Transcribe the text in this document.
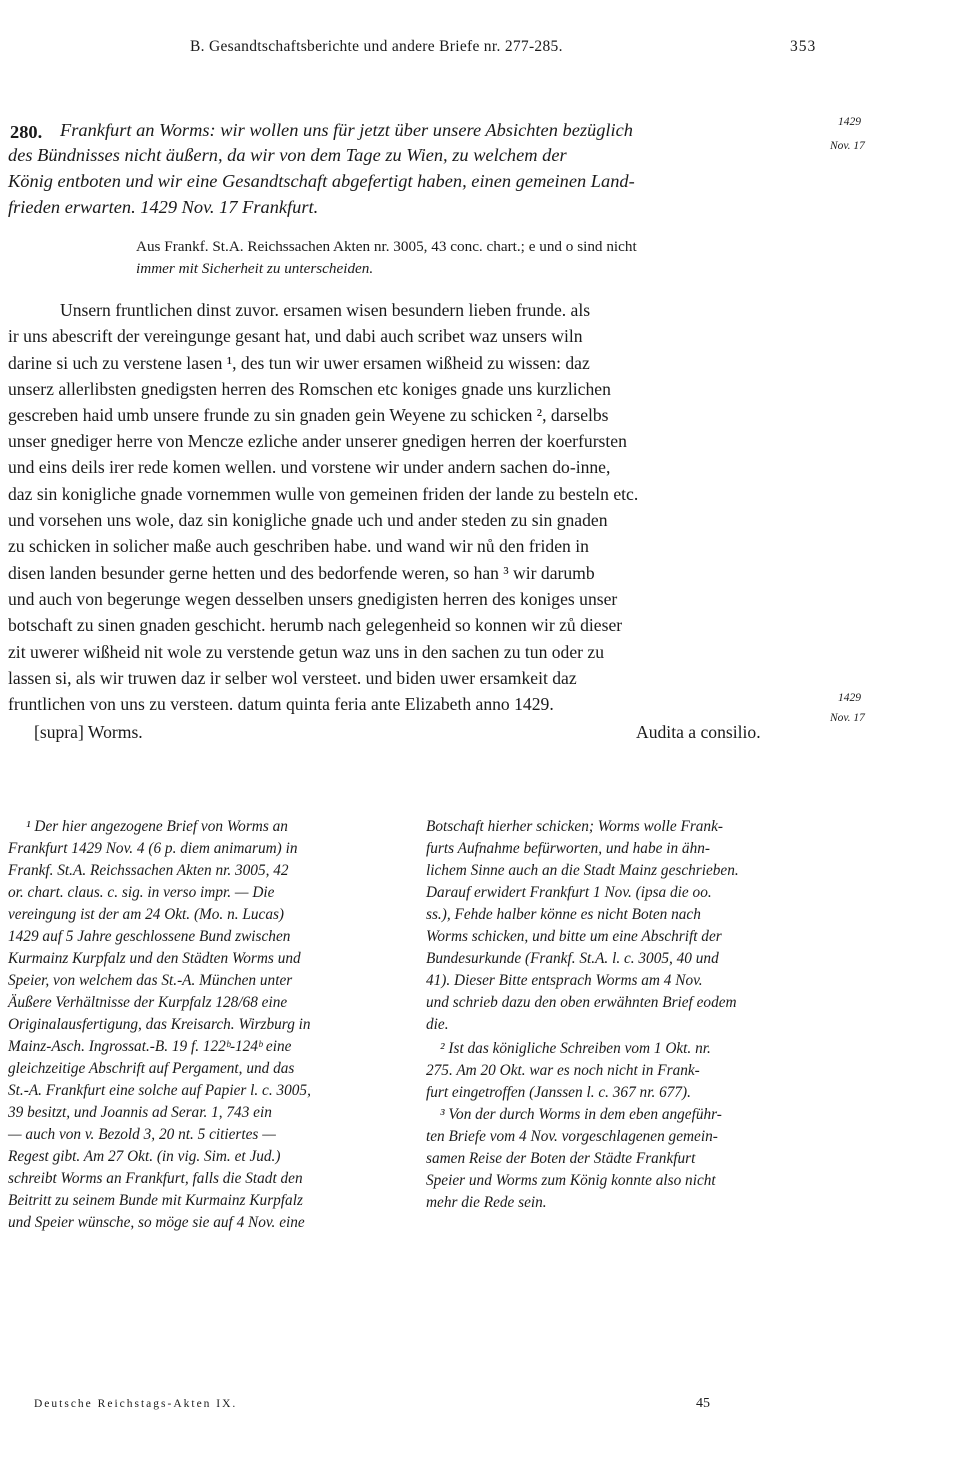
B. Gesandtschaftsberichte und andere Briefe nr. 277-285.	353
280. Frankfurt an Worms: wir wollen uns für jetzt über unsere Absichten bezüglich
des Bündnisses nicht äußern, da wir von dem Tage zu Wien, zu welchem der
König entboten und wir eine Gesandtschaft abgefertigt haben, einen gemeinen Land-
frieden erwarten. 1429 Nov. 17 Frankfurt.
1429
Nov. 17
Aus Frankf. St.A. Reichssachen Akten nr. 3005, 43 conc. chart.; e und o sind nicht
immer mit Sicherheit zu unterscheiden.
Unsern fruntlichen dinst zuvor. ersamen wisen besundern lieben frunde. als
ir uns abescrift der vereingunge gesant hat, und dabi auch scribet waz unsers wiln
darine si uch zu verstene lasen ¹, des tun wir uwer ersamen wißheid zu wissen: daz
unserz allerlibsten gnedigsten herren des Romschen etc koniges gnade uns kurzlichen
gescreben haid umb unsere frunde zu sin gnaden gein Weyene zu schicken ², darselbs
unser gnediger herre von Mencze ezliche ander unserer gnedigen herren der koerfursten
und eins deils irer rede komen wellen. und vorstene wir under andern sachen do-inne,
daz sin konigliche gnade vornemmen wulle von gemeinen friden der lande zu besteln etc.
und vorsehen uns wole, daz sin konigliche gnade uch und ander steden zu sin gnaden
zu schicken in solicher maße auch geschriben habe. und wand wir nů den friden in
disen landen besunder gerne hetten und des bedorfende weren, so han ³ wir darumb
und auch von begerunge wegen desselben unsers gnedigisten herren des koniges unser
botschaft zu sinen gnaden geschicht. herumb nach gelegenheid so konnen wir zů dieser
zit uwerer wißheid nit wole zu verstende getun waz uns in den sachen zu tun oder zu
lassen si, als wir truwen daz ir selber wol versteet. und biden uwer ersamkeit daz
fruntlichen von uns zu versteen. datum quinta feria ante Elizabeth anno 1429.	1429
Nov. 17
[supra] Worms.	Audita a consilio.
¹ Der hier angezogene Brief von Worms an
Frankfurt 1429 Nov. 4 (6 p. diem animarum) in
Frankf. St.A. Reichssachen Akten nr. 3005, 42
or. chart. claus. c. sig. in verso impr. — Die
vereingung ist der am 24 Okt. (Mo. n. Lucas)
1429 auf 5 Jahre geschlossene Bund zwischen
Kurmainz Kurpfalz und den Städten Worms und
Speier, von welchem das St.-A. München unter
Äußere Verhältnisse der Kurpfalz 128/68 eine
Originalausfertigung, das Kreisarch. Wirzburg in
Mainz-Asch. Ingrossat.-B. 19 f. 122ᵇ-124ᵇ eine
gleichzeitige Abschrift auf Pergament, und das
St.-A. Frankfurt eine solche auf Papier l. c. 3005,
39 besitzt, und Joannis ad Serar. 1, 743 ein
— auch von v. Bezold 3, 20 nt. 5 citiertes —
Regest gibt. Am 27 Okt. (in vig. Sim. et Jud.)
schreibt Worms an Frankfurt, falls die Stadt den
Beitritt zu seinem Bunde mit Kurmainz Kurpfalz
und Speier wünsche, so möge sie auf 4 Nov. eine
Botschaft hierher schicken; Worms wolle Frank-
furts Aufnahme befürworten, und habe in ähn-
lichem Sinne auch an die Stadt Mainz geschrieben.
Darauf erwidert Frankfurt 1 Nov. (ipsa die oo.
ss.), Fehde halber könne es nicht Boten nach
Worms schicken, und bitte um eine Abschrift der
Bundesurkunde (Frankf. St.A. l. c. 3005, 40 und
41). Dieser Bitte entsprach Worms am 4 Nov.
und schrieb dazu den oben erwähnten Brief eodem
die.
² Ist das königliche Schreiben vom 1 Okt. nr.
275. Am 20 Okt. war es noch nicht in Frank-
furt eingetroffen (Janssen l. c. 367 nr. 677).
³ Von der durch Worms in dem eben angeführ-
ten Briefe vom 4 Nov. vorgeschlagenen gemein-
samen Reise der Boten der Städte Frankfurt
Speier und Worms zum König konnte also nicht
mehr die Rede sein.
Deutsche Reichstags-Akten IX.	45
